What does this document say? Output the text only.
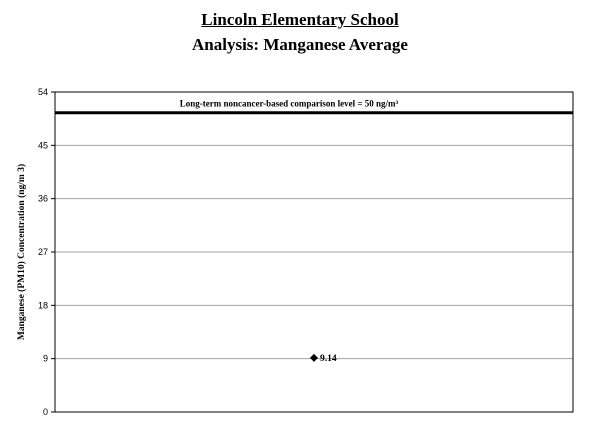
Lincoln Elementary School
Analysis: Manganese Average
0
9
18
27
36
45
54
Long-term noncancer-based comparison level = 50 ng/m³
9.14
Manganese (PM10) Concentration (ng/m 3)
